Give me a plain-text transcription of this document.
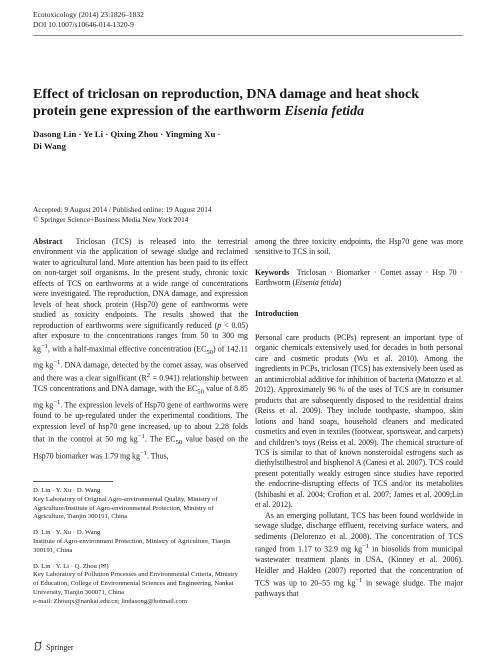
Ecotoxicology (2014) 23:1826–1832
DOI 10.1007/s10646-014-1320-9
Effect of triclosan on reproduction, DNA damage and heat shock protein gene expression of the earthworm Eisenia fetida
Dasong Lin · Ye Li · Qixing Zhou · Yingming Xu ·
Di Wang
Accepted: 9 August 2014 / Published online: 19 August 2014
© Springer Science+Business Media New York 2014

Abstract Triclosan (TCS) is released into the terrestrial environment via the application of sewage sludge and reclaimed water to agricultural land. More attention has been paid to its effect on non-target soil organisms. In the present study, chronic toxic effects of TCS on earthworms at a wide range of concentrations were investigated. The reproduction, DNA damage, and expression levels of heat shock protein (Hsp70) gene of earthworms were studied as toxicity endpoints. The results showed that the reproduction of earthworms were significantly reduced (p < 0.05) after exposure to the concentrations ranges from 50 to 300 mg $kg^{-1}$, with a half-maximal effective concentration $(EC_{50})$ of 142.11 mg $kg^{-1}$. DNA damage, detected by the comet assay, was observed and there was a clear significant $(R^2 = 0.941)$ relationship between TCS concentrations and DNA damage, with the $EC_{50}$ value of 8.85 mg $kg^{-1}$. The expression levels of Hsp70 gene of earthworms were found to be up-regulated under the experimental conditions. The expression level of hsp70 gene increased, up to about 2.28 folds that in the control at 50 mg $kg^{-1}$. The $EC_{50}$ value based on the Hsp70 biomarker was 1.79 mg $kg^{-1}$. Thus,

D. Lin · Y. Xu · D. Wang
Key Laboratory of Original Agro-environmental Quality, Ministry of Agriculture/Institute of Agro-environmental Protection, Ministry of Agriculture, Tianjin 300191, China
D. Lin · Y. Xu · D. Wang
Institute of Agro-environment Protection, Ministry of Agriculture, Tianjin 300191, China
D. Lin · Y. Li · Q. Zhou (✉)
Key Laboratory of Pollution Processes and Environmental Criteria, Ministry of Education, College of Environmental Sciences and Engineering, Nankai University, Tianjin 300071, China
e-mail: Zhouqx@nankai.edu.cn; lindasong@hotmail.com

among the three toxicity endpoints, the Hsp70 gene was more sensitive to TCS in soil.

Keywords Triclosan · Biomarker · Comet assay · Hsp 70 · Earthworm (Eisenia fetida)

Introduction

Personal care products (PCPs) represent an important type of organic chemicals extensively used for decades in both personal care and cosmetic produts (Wu et al. 2010). Among the ingredients in PCPs, triclosan (TCS) has extensively been used as an antimicrobial additive for inhibition of bacteria (Matozzo et al. 2012). Approximately 96 % of the uses of TCS are in consumer products that are subsequently disposed to the residential drains (Reiss et al. 2009). They include toothpaste, shampoo, skin lotions and hand soaps, household cleaners and medicated cosmetics and even in textiles (footwear, sportswear, and carpets) and children’s toys (Reiss et al. 2009). The chemical structure of TCS is similar to that of known nonsteroidal estrogens such as diethylstilbestrol and bisphenol A (Canesi et al. 2007). TCS could present potentially weakly estrogen since studies have reported the endocrine-disrupting effects of TCS and/or its metabolites (Ishibashi et al. 2004; Crofton et al. 2007; James et al. 2009;Lin et al. 2012).

As an emerging pollutant, TCS has been found worldwide in sewage sludge, discharge effluent, receiving surface waters, and sediments (Delorenzo et al. 2008). The concentration of TCS ranged from 1.17 to 32.9 mg $kg^{-1}$ in biosolids from municipal wastewater treatment plants in USA, (Kinney et al. 2006). Heidler and Halden (2007) reported that the concentration of TCS was up to 20–55 mg $kg^{-1}$ in sewage sludge. The major pathways that

Springer
